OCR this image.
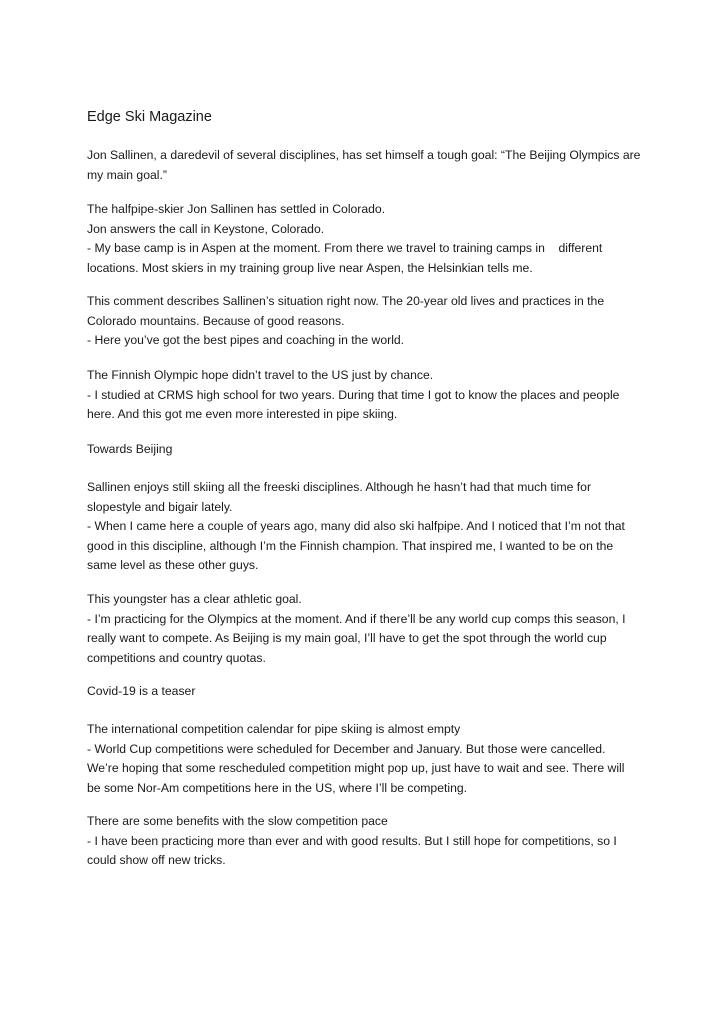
Edge Ski Magazine
Jon Sallinen, a daredevil of several disciplines, has set himself a tough goal: “The Beijing Olympics are
my main goal.”
The halfpipe-skier Jon Sallinen has settled in Colorado.
Jon answers the call in Keystone, Colorado.
- My base camp is in Aspen at the moment. From there we travel to training camps in    different
locations. Most skiers in my training group live near Aspen, the Helsinkian tells me.
This comment describes Sallinen’s situation right now. The 20-year old lives and practices in the
Colorado mountains. Because of good reasons.
- Here you’ve got the best pipes and coaching in the world.
The Finnish Olympic hope didn’t travel to the US just by chance.
- I studied at CRMS high school for two years. During that time I got to know the places and people
here. And this got me even more interested in pipe skiing.
Towards Beijing
Sallinen enjoys still skiing all the freeski disciplines. Although he hasn’t had that much time for
slopestyle and bigair lately.
- When I came here a couple of years ago, many did also ski halfpipe. And I noticed that I’m not that
good in this discipline, although I’m the Finnish champion. That inspired me, I wanted to be on the
same level as these other guys.
This youngster has a clear athletic goal.
- I’m practicing for the Olympics at the moment. And if there’ll be any world cup comps this season, I
really want to compete. As Beijing is my main goal, I’ll have to get the spot through the world cup
competitions and country quotas.
Covid-19 is a teaser
The international competition calendar for pipe skiing is almost empty
- World Cup competitions were scheduled for December and January. But those were cancelled.
We’re hoping that some rescheduled competition might pop up, just have to wait and see. There will
be some Nor-Am competitions here in the US, where I’ll be competing.
There are some benefits with the slow competition pace
- I have been practicing more than ever and with good results. But I still hope for competitions, so I
could show off new tricks.
